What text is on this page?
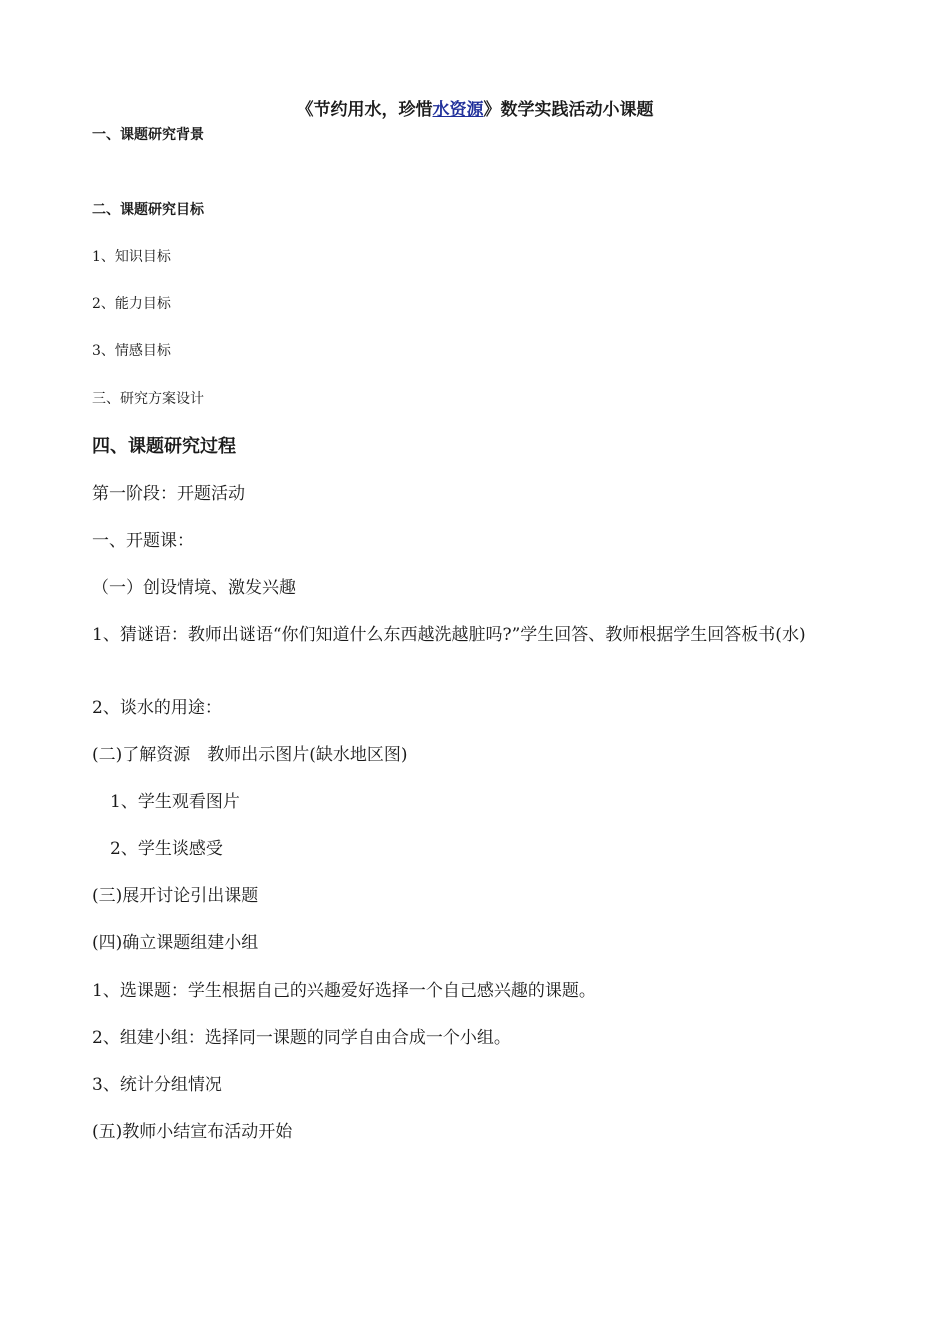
《节约用水，珍惜水资源》数学实践活动小课题
一、课题研究背景
二、课题研究目标
1、知识目标
2、能力目标
3、情感目标
三、研究方案设计
四、课题研究过程
第一阶段：开题活动
一、开题课：
（一）创设情境、激发兴趣
1、猜谜语：教师出谜语“你们知道什么东西越洗越脏吗?”学生回答、教师根据学生回答板书(水)
2、谈水的用途：
(二)了解资源　教师出示图片(缺水地区图)
1、学生观看图片
2、学生谈感受
(三)展开讨论引出课题
(四)确立课题组建小组
1、选课题：学生根据自己的兴趣爱好选择一个自己感兴趣的课题。
2、组建小组：选择同一课题的同学自由合成一个小组。
3、统计分组情况
(五)教师小结宣布活动开始
